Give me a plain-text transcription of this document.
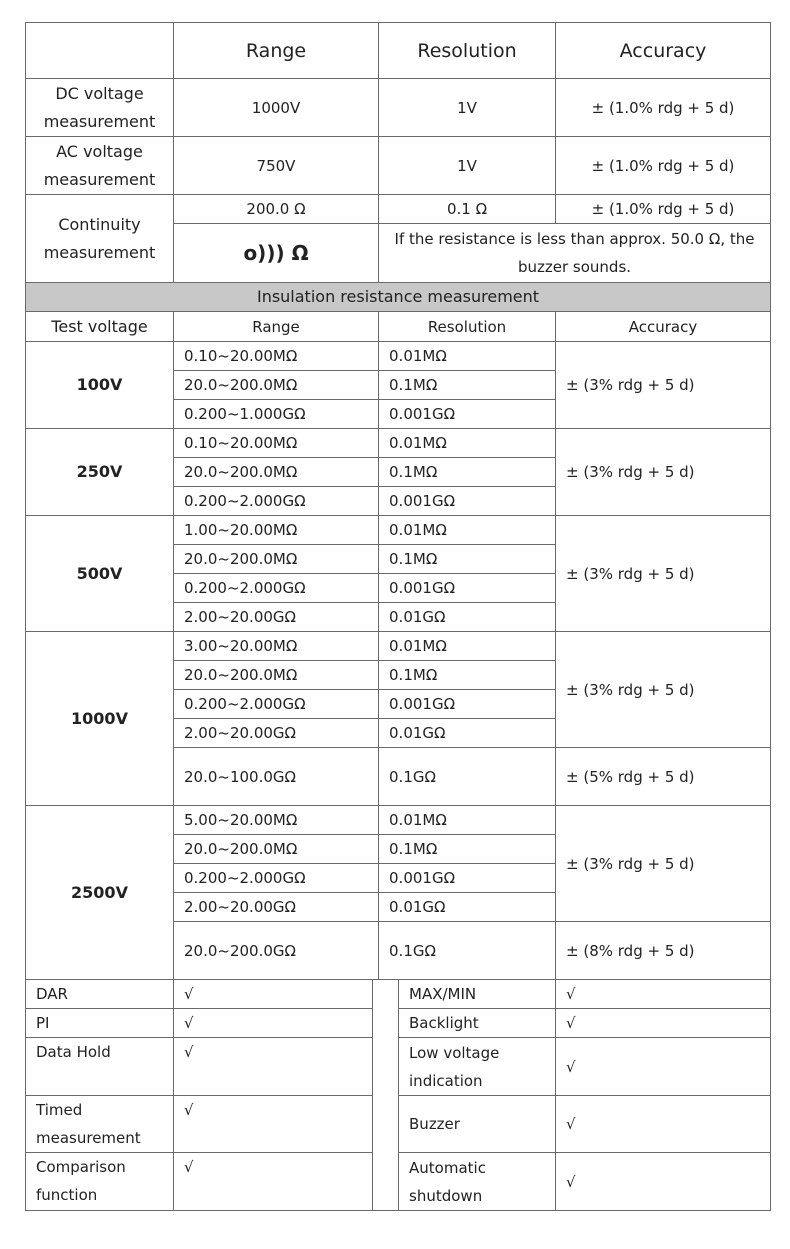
	Range		Resolution		Accuracy
DC voltage measurement	1000V		1V		± (1.0% rdg + 5 d)
AC voltage measurement	750V		1V		± (1.0% rdg + 5 d)
Continuity measurement	200.0 Ω		0.1 Ω		± (1.0% rdg + 5 d)
	o))) Ω		If the resistance is less than approx. 50.0 Ω, the buzzer sounds.		
Insulation resistance measurement					
Test voltage	Range		Resolution		Accuracy
100V	0.10~20.00MΩ		0.01MΩ		± (3% rdg + 5 d)
	20.0~200.0MΩ		0.1MΩ		
	0.200~1.000GΩ		0.001GΩ		
250V	0.10~20.00MΩ		0.01MΩ		± (3% rdg + 5 d)
	20.0~200.0MΩ		0.1MΩ		
	0.200~2.000GΩ		0.001GΩ		
500V	1.00~20.00MΩ		0.01MΩ		± (3% rdg + 5 d)
	20.0~200.0MΩ		0.1MΩ		
	0.200~2.000GΩ		0.001GΩ		
	2.00~20.00GΩ		0.01GΩ		
1000V	3.00~20.00MΩ		0.01MΩ		± (3% rdg + 5 d)
	20.0~200.0MΩ		0.1MΩ		
	0.200~2.000GΩ		0.001GΩ		
	2.00~20.00GΩ		0.01GΩ		
	20.0~100.0GΩ		0.1GΩ		± (5% rdg + 5 d)
2500V	5.00~20.00MΩ		0.01MΩ		± (3% rdg + 5 d)
	20.0~200.0MΩ		0.1MΩ		
	0.200~2.000GΩ		0.001GΩ		
	2.00~20.00GΩ		0.01GΩ		
	20.0~200.0GΩ		0.1GΩ		± (8% rdg + 5 d)
DAR	√			MAX/MIN	√
PI	√			Backlight	√
Data Hold	√			Low voltage indication	√
Timed measurement	√			Buzzer	√
Comparison function	√			Automatic shutdown	√
